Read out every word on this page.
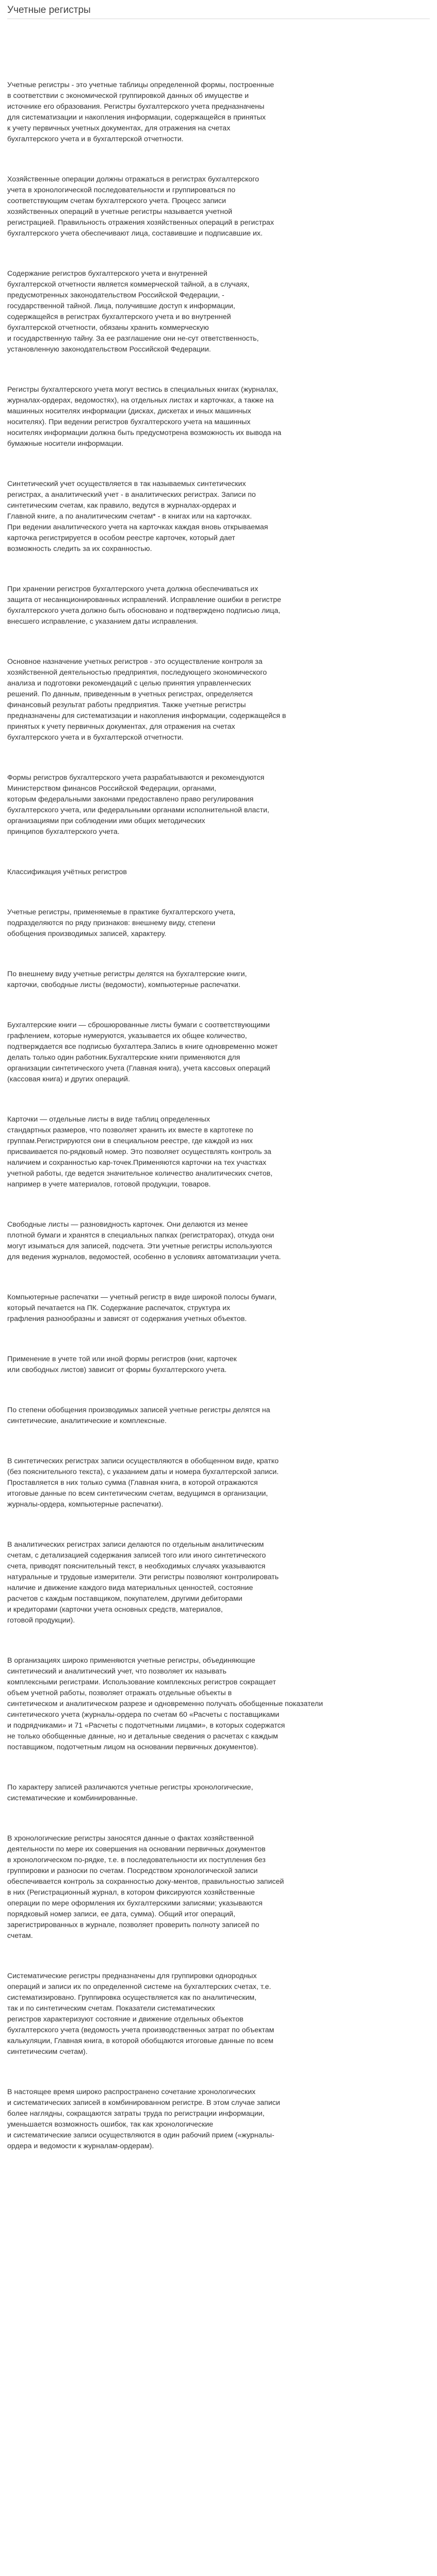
Учетные регистры

Учетные регистры - это учетные таблицы определенной формы, построенные
в соответствии с экономической группировкой данных об имуществе и
источнике его образования. Регистры бухгалтерского учета предназначены
для систематизации и накопления информации, содержащейся в принятых
к учету первичных учетных документах, для отражения на счетах
бухгалтерского учета и в бухгалтерской отчетности.

Хозяйственные операции должны отражаться в регистрах бухгалтерского
учета в хронологической последовательности и группироваться по
соответствующим счетам бухгалтерского учета. Процесс записи
хозяйственных операций в учетные регистры называется учетной
регистрацией. Правильность отражения хозяйственных операций в регистрах
бухгалтерского учета обеспечивают лица, составившие и подписавшие их.

Содержание регистров бухгалтерского учета и внутренней
бухгалтерской отчетности является коммерческой тайной, а в случаях,
предусмотренных законодательством Российской Федерации, -
государственной тайной. Лица, получившие доступ к информации,
содержащейся в регистрах бухгалтерского учета и во внутренней
бухгалтерской отчетности, обязаны хранить коммерческую
и государственную тайну. За ее разглашение они не-сут ответственность,
установленную законодательством Российской Федерации.

Регистры бухгалтерского учета могут вестись в специальных книгах (журналах,
журналах-ордерах, ведомостях), на отдельных листах и карточках, а также на
машинных носителях информации (дисках, дискетах и иных машинных
носителях). При ведении регистров бухгалтерского учета на машинных
носителях информации должна быть предусмотрена возможность их вывода на
бумажные носители информации.

Синтетический учет осуществляется в так называемых синтетических
регистрах, а аналитический учет - в аналитических регистрах. Записи по
синтетическим счетам, как правило, ведутся в журналах-ордерах и
Главной книге, а по аналитическим счетам* - в книгах или на карточках.
При ведении аналитического учета на карточках каждая вновь открываемая
карточка регистрируется в особом реестре карточек, который дает
возможность следить за их сохранностью.

При хранении регистров бухгалтерского учета должна обеспечиваться их
защита от несанкционированных исправлений. Исправление ошибки в регистре
бухгалтерского учета должно быть обосновано и подтверждено подписью лица,
внесшего исправление, с указанием даты исправления.

Основное назначение учетных регистров - это осуществление контроля за
хозяйственной деятельностью предприятия, последующего экономического
анализа и подготовки рекомендаций с целью принятия управленческих
решений. По данным, приведенным в учетных регистрах, определяется
финансовый результат работы предприятия. Также учетные регистры
предназначены для систематизации и накопления информации, содержащейся в
принятых к учету первичных документах, для отражения на счетах
бухгалтерского учета и в бухгалтерской отчетности.

Формы регистров бухгалтерского учета разрабатываются и рекомендуются
Министерством финансов Российской Федерации, органами,
которым федеральными законами предоставлено право регулирования
бухгалтерского учета, или федеральными органами исполнительной власти,
организациями при соблюдении ими общих методических
принципов бухгалтерского учета.

Классификация учётных регистров

Учетные регистры, применяемые в практике бухгалтерского учета,
подразделяются по ряду признаков: внешнему виду, степени
обобщения производимых записей, характеру.

По внешнему виду учетные регистры делятся на бухгалтерские книги,
карточки, свободные листы (ведомости), компьютерные распечатки.

Бухгалтерские книги — сброшюрованные листы бумаги с соответствующими
графлением, которые нумеруются, указывается их общее количество,
подтверждается все подписью бухгалтера.Запись в книге одновременно может
делать только один работник.Бухгалтерские книги применяются для
организации синтетического учета (Главная книга), учета кассовых операций
(кассовая книга) и других операций.

Карточки — отдельные листы в виде таблиц определенных
стандартных размеров, что позволяет хранить их вместе в картотеке по
группам.Регистрируются они в специальном реестре, где каждой из них
присваивается по-рядковый номер. Это позволяет осуществлять контроль за
наличием и сохранностью кар-точек.Применяются карточки на тех участках
учетной работы, где ведется значительное количество аналитических счетов,
например в учете материалов, готовой продукции, товаров.

Свободные листы — разновидность карточек. Они делаются из менее
плотной бумаги и хранятся в специальных папках (регистраторах), откуда они
могут изыматься для записей, подсчета. Эти учетные регистры используются
для ведения журналов, ведомостей, особенно в условиях автоматизации учета.

Компьютерные распечатки — учетный регистр в виде широкой полосы бумаги,
который печатается на ПК. Содержание распечаток, структура их
графления разнообразны и зависят от содержания учетных объектов.

Применение в учете той или иной формы регистров (книг, карточек
или свободных листов) зависит от формы бухгалтерского учета.

По степени обобщения производимых записей учетные регистры делятся на
синтетические, аналитические и комплексные.

В синтетических регистрах записи осуществляются в обобщенном виде, кратко
(без пояснительного текста), с указанием даты и номера бухгалтерской записи.
Проставляется в них только сумма (Главная книга, в которой отражаются
итоговые данные по всем синтетическим счетам, ведущимся в организации,
журналы-ордера, компьютерные распечатки).

В аналитических регистрах записи делаются по отдельным аналитическим
счетам, с детализацией содержания записей того или иного синтетического
счета, приводят пояснительный текст, в необходимых случаях указываются
натуральные и трудовые измерители. Эти регистры позволяют контролировать
наличие и движение каждого вида материальных ценностей, состояние
расчетов с каждым поставщиком, покупателем, другими дебиторами
и кредиторами (карточки учета основных средств, материалов,
готовой продукции).

В организациях широко применяются учетные регистры, объединяющие
синтетический и аналитический учет, что позволяет их называть
комплексными регистрами. Использование комплексных регистров сокращает
объем учетной работы, позволяет отражать отдельные объекты в
синтетическом и аналитическом разрезе и одновременно получать обобщенные показатели
синтетического учета (журналы-ордера по счетам 60 «Расчеты с поставщиками
и подрядчиками» и 71 «Расчеты с подотчетными лицами», в которых содержатся
не только обобщенные данные, но и детальные сведения о расчетах с каждым
поставщиком, подотчетным лицом на основании первичных документов).

По характеру записей различаются учетные регистры хронологические,
систематические и комбинированные.

В хронологические регистры заносятся данные о фактах хозяйственной
деятельности по мере их совершения на основании первичных документов
в хронологическом по-рядке, т.е. в последовательности их поступления без
группировки и разноски по счетам. Посредством хронологической записи
обеспечивается контроль за сохранностью доку-ментов, правильностью записей
в них (Регистрационный журнал, в котором фиксируются хозяйственные
операции по мере оформления их бухгалтерскими записями; указываются
порядковый номер записи, ее дата, сумма). Общий итог операций,
зарегистрированных в журнале, позволяет проверить полноту записей по
счетам.

Систематические регистры предназначены для группировки однородных
операций и записи их по определенной системе на бухгалтерских счетах, т.е.
систематизировано. Группировка осуществляется как по аналитическим,
так и по синтетическим счетам. Показатели систематических
регистров характеризуют состояние и движение отдельных объектов
бухгалтерского учета (ведомость учета производственных затрат по объектам
калькуляции, Главная книга, в которой обобщаются итоговые данные по всем
синтетическим счетам).

В настоящее время широко распространено сочетание хронологических
и систематических записей в комбинированном регистре. В этом случае записи
более наглядны, сокращаются затраты труда по регистрации информации,
уменьшается возможность ошибок, так как хронологические
и систематические записи осуществляются в один рабочий прием («журналы-
ордера и ведомости к журналам-ордерам).
